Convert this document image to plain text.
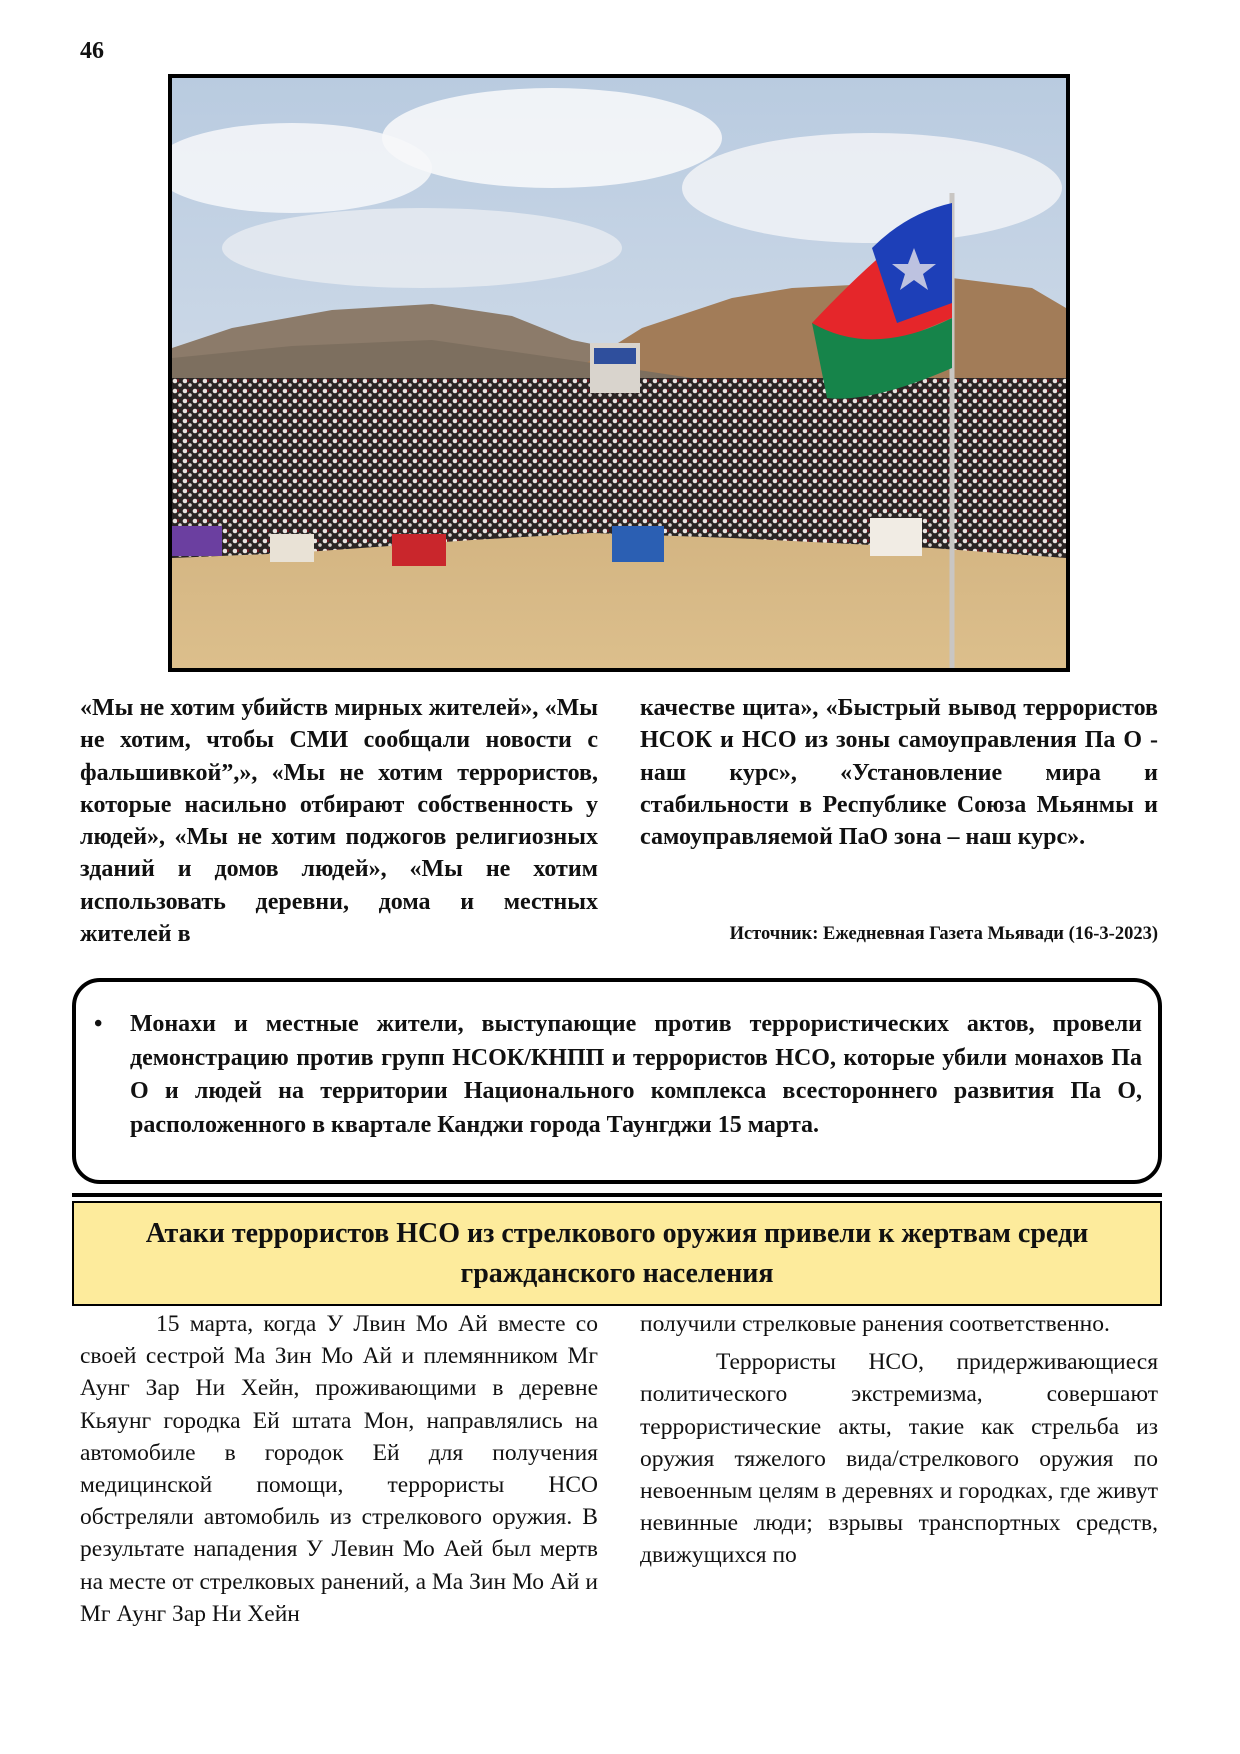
46
«Мы не хотим убийств мирных жителей», «Мы не хотим, чтобы СМИ сообщали новости с фальшивкой”,», «Мы не хотим террористов, которые насильно отбирают собственность у людей», «Мы не хотим поджогов религиозных зданий и домов людей», «Мы не хотим использовать деревни, дома и местных жителей в
качестве щита», «Быстрый вывод террористов НСОК и НСО из зоны самоуправления Па О - наш курс», «Установление мира и стабильности в Республике Союза Мьянмы и самоуправляемой ПаО зона – наш курс».
Источник: Ежедневная Газета Мьявади (16-3-2023)
• Монахи и местные жители, выступающие против террористических актов, провели демонстрацию против групп НСОК/КНПП и террористов НСО, которые убили монахов Па О и людей на территории Национального комплекса всестороннего развития Па О, расположенного в квартале Канджи города Таунгджи 15 марта.
Атаки террористов НСО из стрелкового оружия привели к жертвам среди гражданского населения

15 марта, когда У Лвин Мо Ай вместе со своей сестрой Ма Зин Мо Ай и племянником Мг Аунг Зар Ни Хейн, проживающими в деревне Кьяунг городка Ей штата Мон, направлялись на автомобиле в городок Ей для получения медицинской помощи, террористы НСО обстреляли автомобиль из стрелкового оружия. В результате нападения У Левин Мо Аей был мертв на месте от стрелковых ранений, а Ма Зин Мо Ай и Мг Аунг Зар Ни Хейн

получили стрелковые ранения соответственно.

Террористы НСО, придерживающиеся политического экстремизма, совершают террористические акты, такие как стрельба из оружия тяжелого вида/стрелкового оружия по невоенным целям в деревнях и городках, где живут невинные люди; взрывы транспортных средств, движущихся по
